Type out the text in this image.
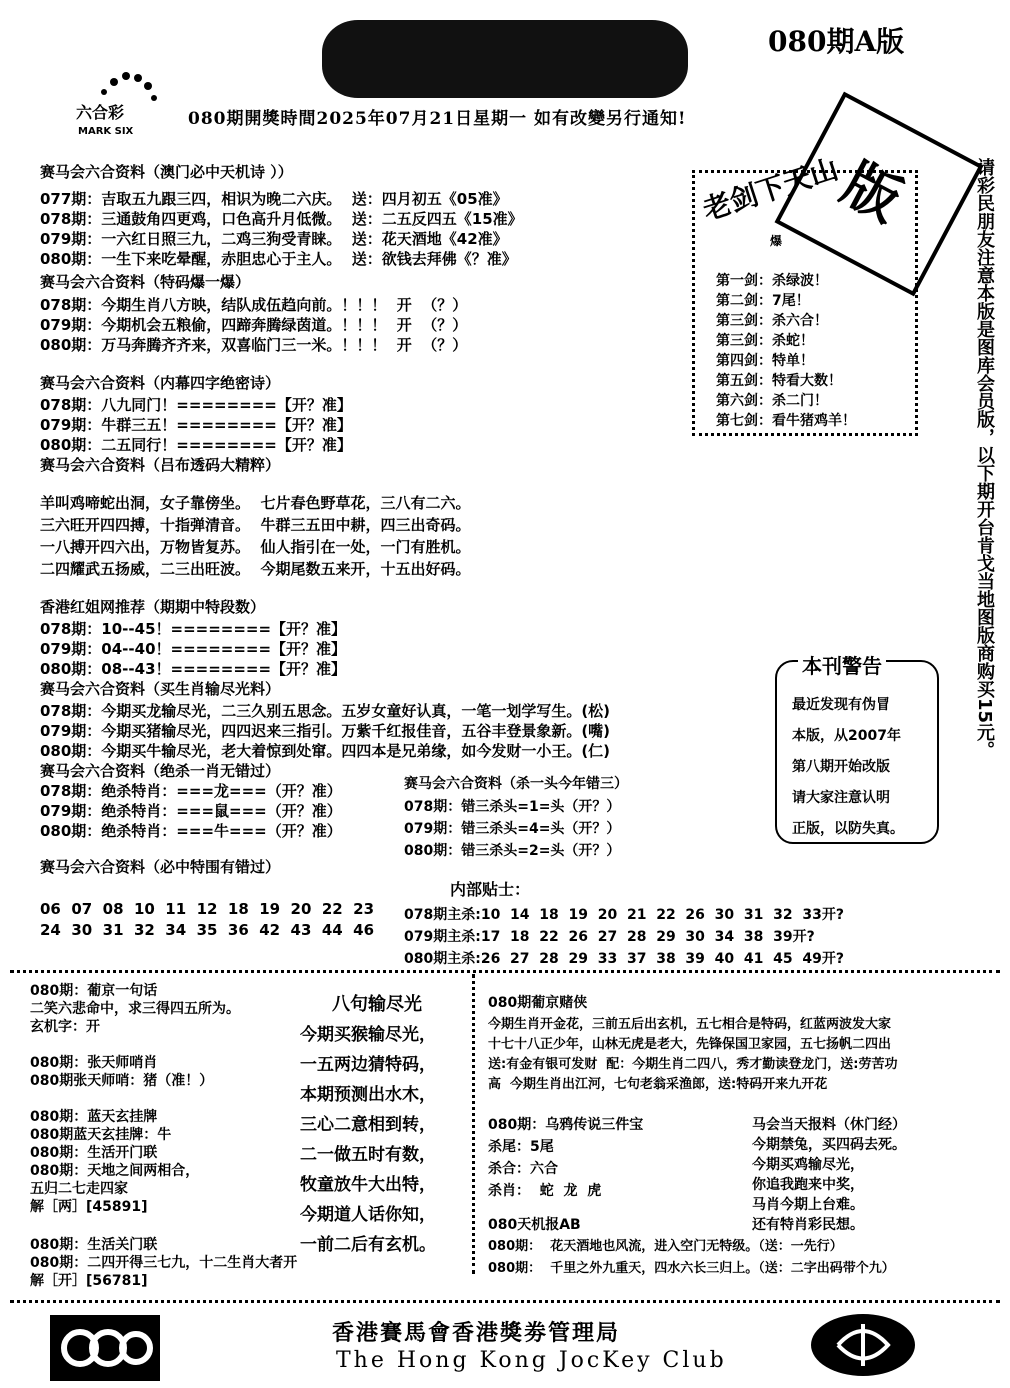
080期A版
六合彩
MARK SIX
080期開獎時間2025年07月21日星期一 如有改變另行通知!
赛马会六合资料（澳门必中天机诗 ））
077期：吉取五九跟三四，相识为晚二六庆。  送：四月初五《05准》
078期：三通鼓角四更鸡，口色高升月低微。  送：二五反四五《15准》
079期：一六红日照三九，二鸡三狗受青睐。  送：花天酒地《42准》
080期：一生下来吃晕醒，赤胆忠心于主人。  送：欲钱去拜佛《？准》
赛马会六合资料（特码爆一爆）
078期：今期生肖八方映，结队成伍趋向前。！！！  开  （？）
079期：今期机会五粮偷，四蹄奔腾绿茵道。！！！  开  （？）
080期：万马奔腾齐齐来，双喜临门三一米。！！！  开  （？）
赛马会六合资料（内幕四字绝密诗）
078期：八九同门！========【开？准】
079期：牛群三五！========【开？准】
080期：二五同行！========【开？准】
赛马会六合资料（吕布透码大精粹）
羊叫鸡啼蛇出洞，女子靠傍坐。  七片春色野草花，三八有二六。
三六旺开四四搏，十指弹清音。  牛群三五田中耕，四三出奇码。
一八搏开四六出，万物皆复苏。  仙人指引在一处，一门有胜机。
二四耀武五扬威，二三出旺波。  今期尾数五来开，十五出好码。
香港红姐网推荐（期期中特段数）
078期：10--45！========【开？准】
079期：04--40！========【开？准】
080期：08--43！========【开？准】
赛马会六合资料（买生肖输尽光料）
078期：今期买龙输尽光，二三久别五思念。五岁女童好认真，一笔一划学写生。(松)
079期：今期买猪输尽光，四四迟来三指引。万紫千红报佳音，五谷丰登景象新。(嘴)
080期：今期买牛输尽光，老大着惊到处窜。四四本是兄弟缘，如今发财一小王。(仁)
赛马会六合资料（绝杀一肖无错过）
078期：绝杀特肖：===龙===（开？准）
079期：绝杀特肖：===鼠===（开？准）
080期：绝杀特肖：===牛===（开？准）
赛马会六合资料（杀一头今年错三）
078期：错三杀头=1=头（开？）
079期：错三杀头=4=头（开？）
080期：错三杀头=2=头（开？）
赛马会六合资料（必中特围有错过）
06  07  08  10  11  12  18  19  20  22  23
24  30  31  32  34  35  36  42  43  44  46
内部贴士：
078期主杀:10  14  18  19  20  21  22  26  30  31  32  33开?
079期主杀:17  18  22  26  27  28  29  30  34  38  39开?
080期主杀:26  27  28  29  33  37  38  39  40  41  45  49开?
版
老剑下天山
爆
第一剑：杀绿波！
第二剑：7尾！
第三剑：杀六合！
第三剑：杀蛇！
第四剑：特单！
第五剑：特看大数！
第六剑：杀二门！
第七剑：看牛猪鸡羊！	请彩民朋友注意本版是图库会员版，以下期开台肯戈当地图版商购买15元。
本刊警告
最近发现有伪冒
本版，从2007年
第八期开始改版
请大家注意认明
正版，以防失真。
080期：葡京一句话
二笑六悲命中，求三得四五所为。
玄机字：开
080期：张天师哨肖
080期张天师哨：猪（准！）
080期：蓝天玄挂牌
080期蓝天玄挂牌：牛
080期：生活开门联
080期：天地之间两相合，
五归二七走四家
解［两］[45891]
080期：生活关门联
080期：二四开得三七九，十二生肖大者开
解［开］[56781]
八句输尽光
今期买猴输尽光，
一五两边猜特码，
本期预测出水木，
三心二意相到转，
二一做五时有数，
牧童放牛大出特，
今期道人话你知，
一前二后有玄机。
080期葡京赌侠
今期生肖开金花，三前五后出玄机，五七相合是特码，红蓝两波发大家
十七十八正少年，山林无虎是老大，先锋保国卫家园，五七扬帆二四出
送:有金有银可发财  配：今期生肖二四八，秀才勤读登龙门，送:劳苦功
高  今期生肖出江河，七句老翁采渔郎，送:特码开来九开花
080期：乌鸦传说三件宝
杀尾：5尾
杀合：六合
杀肖：  蛇  龙  虎
马会当天报料（休门经）
今期禁兔，买四码去死。
今期买鸡输尽光，
你追我跑来中奖，
马肖今期上台难。
还有特肖彩民想。
080天机报AB
080期：  花天酒地也风流，进入空门无特级。（送：一先行）
080期：  千里之外九重天，四水六长三归上。（送：二字出码带个九）
香港賽馬會香港獎劵管理局
The Hong Kong JocKey Club
